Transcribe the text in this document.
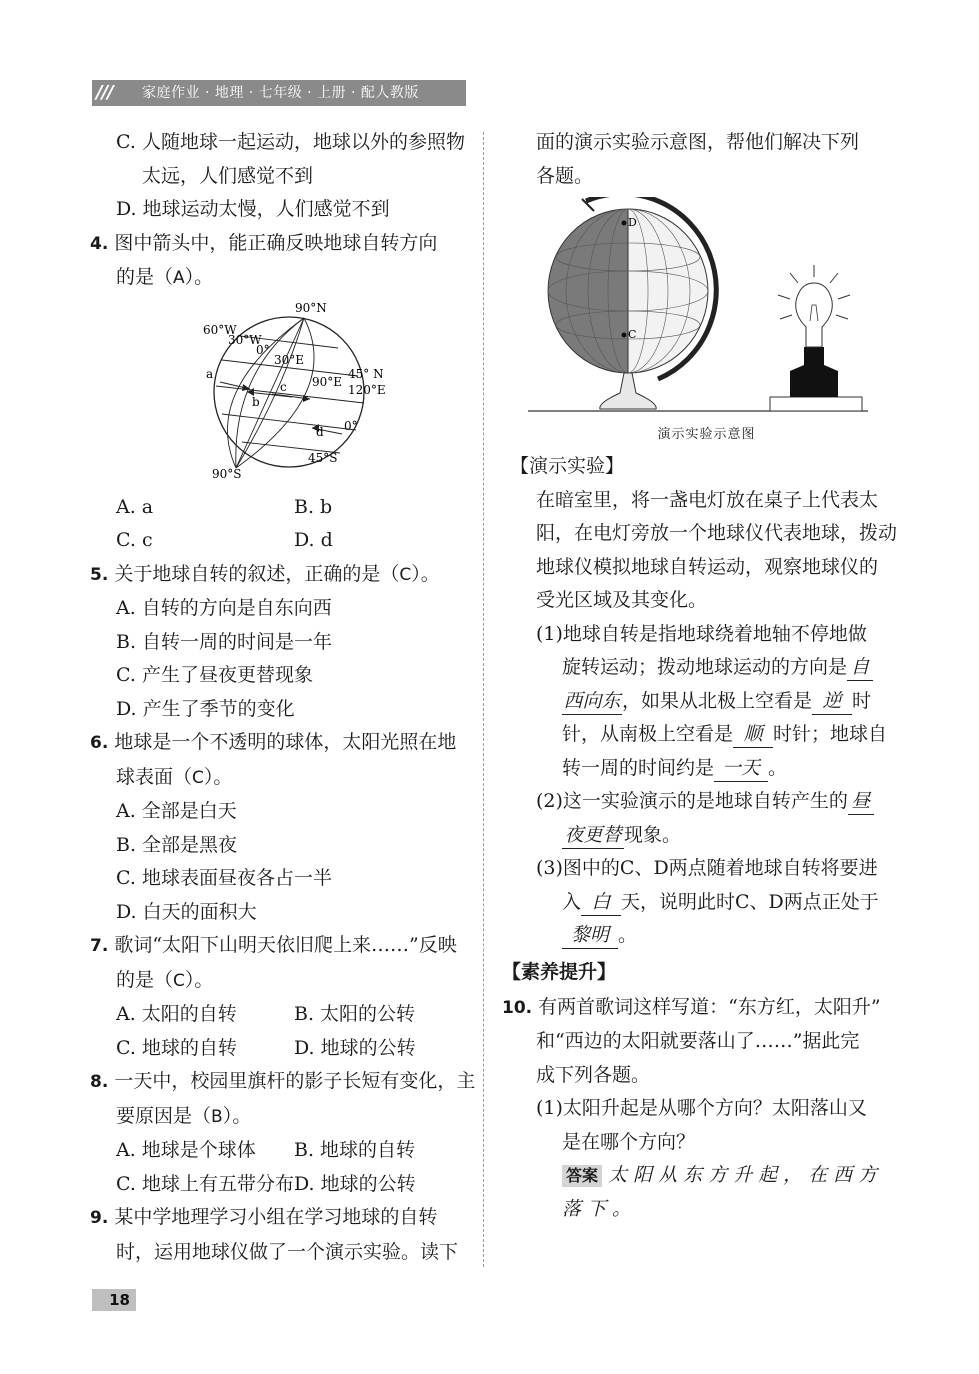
/// 家庭作业 · 地理 · 七年级 · 上册 · 配人教版
C. 人随地球一起运动，地球以外的参照物
太远，人们感觉不到
D. 地球运动太慢，人们感觉不到
4. 图中箭头中，能正确反映地球自转方向
的是（A）。
90°N
60°W
30°W
0°
30°E
90°E
45° N
120°E
0°
45°S
90°S
a
b
c
d
A. a	B. b
C. c	D. d
5. 关于地球自转的叙述，正确的是（C）。
A. 自转的方向是自东向西
B. 自转一周的时间是一年
C. 产生了昼夜更替现象
D. 产生了季节的变化
6. 地球是一个不透明的球体，太阳光照在地
球表面（C）。
A. 全部是白天
B. 全部是黑夜
C. 地球表面昼夜各占一半
D. 白天的面积大
7. 歌词“太阳下山明天依旧爬上来……”反映
的是（C）。
A. 太阳的自转	B. 太阳的公转
C. 地球的自转	D. 地球的公转
8. 一天中，校园里旗杆的影子长短有变化，主
要原因是（B）。
A. 地球是个球体	B. 地球的自转
C. 地球上有五带分布 D. 地球的公转
9. 某中学地理学习小组在学习地球的自转
时，运用地球仪做了一个演示实验。读下
面的演示实验示意图，帮他们解决下列
各题。
D
C
演示实验示意图
【演示实验】
在暗室里，将一盏电灯放在桌子上代表太
阳，在电灯旁放一个地球仪代表地球，拨动
地球仪模拟地球自转运动，观察地球仪的
受光区域及其变化。
(1)地球自转是指地球绕着地轴不停地做
旋转运动；拨动地球运动的方向是 自
西向东，如果从北极上空看是 逆 时
针，从南极上空看是 顺 时针；地球自
转一周的时间约是 一天 。
(2)这一实验演示的是地球自转产生的 昼
夜更替 现象。
(3)图中的C、D两点随着地球自转将要进
入 白 天，说明此时C、D两点正处于
黎明 。
【素养提升】
10. 有两首歌词这样写道：“东方红，太阳升”
和“西边的太阳就要落山了……”据此完
成下列各题。
(1)太阳升起是从哪个方向？太阳落山又
是在哪个方向？
答案 太阳从东方升起，在西方
落下。
18
